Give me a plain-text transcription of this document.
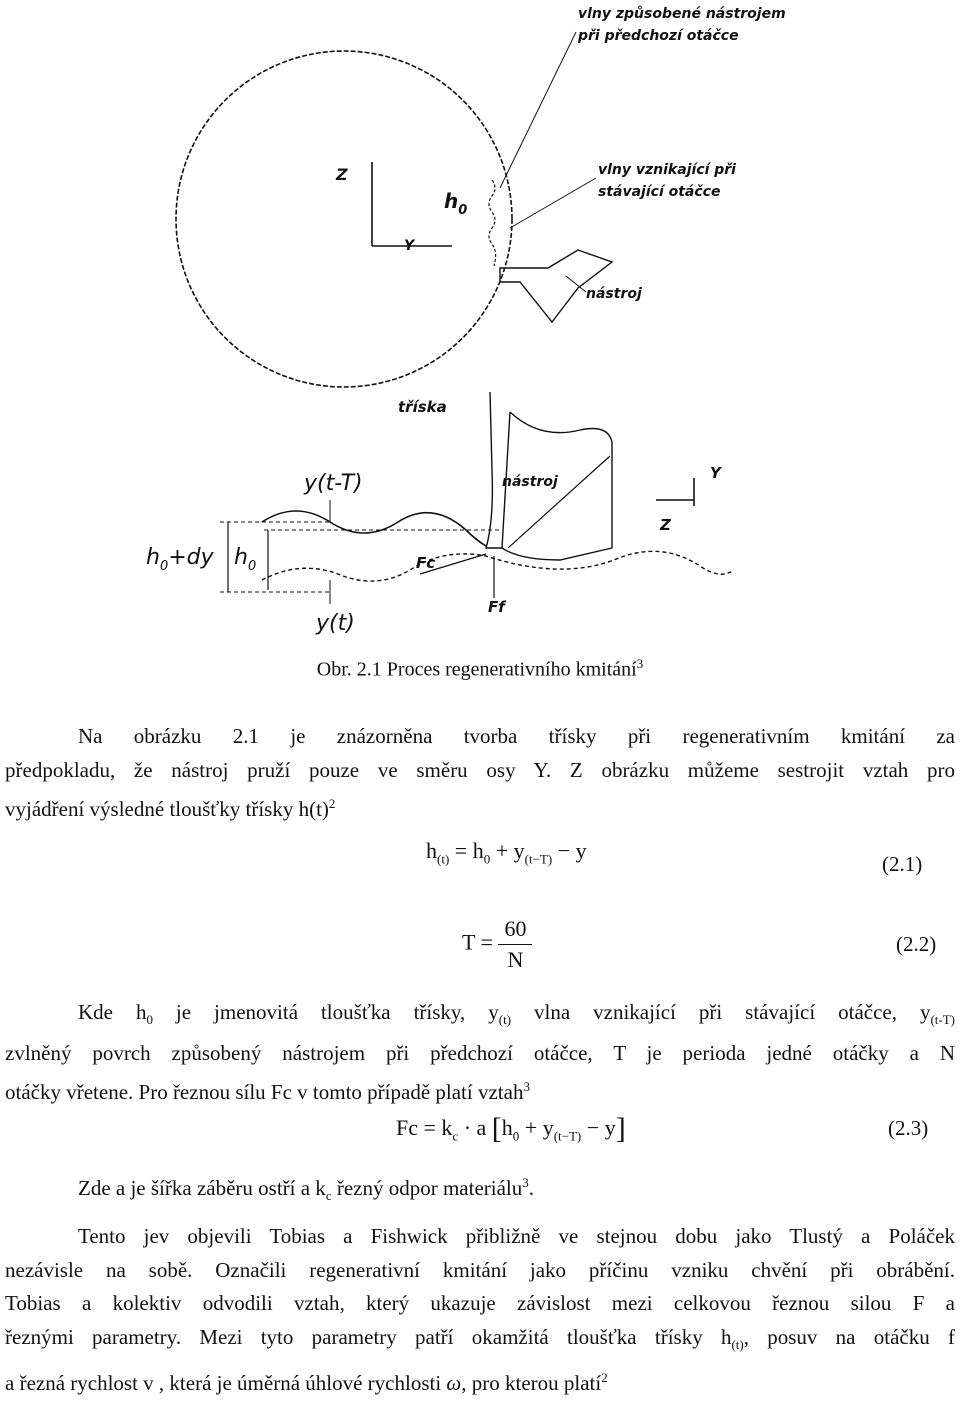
vlny způsobené nástrojem
při předchozí otáčce
vlny vznikající při
stávající otáčce
nástroj
Z
Y
$h_0$
tříska
nástroj	Y
Z
y(t-T)
y(t)
$h_0+dy$ $h_0$	Fc
Ff
Obr. 2.1 Proces regenerativního kmitání$^3$
Na obrázku 2.1 je znázorněna tvorba třísky při regenerativním kmitání za
předpokladu, že nástroj pruží pouze ve směru osy Y. Z obrázku můžeme sestrojit vztah pro
vyjádření výsledné tloušťky třísky $h(t)^2$
$h_{(t)} = h_0 + y_{(t-T)} - y$
(2.1)
$T = \frac{60}{N}$	(2.2)
Kde $h_0$ je jmenovitá tloušťka třísky, $y_{(t)}$ vlna vznikající při stávající otáčce, $y_{(t-T)}$
zvlněný povrch způsobený nástrojem při předchozí otáčce, T je perioda jedné otáčky a N
otáčky vřetene. Pro řeznou sílu Fc v tomto případě platí vztah$^3$
$Fc = k_c \cdot a$ $[h_0 + y_{(t-T)} - y]$	(2.3)
Zde a je šířka záběru ostří a $k_c$ řezný odpor materiálu$^3$.
Tento jev objevili Tobias a Fishwick přibližně ve stejnou dobu jako Tlustý a Poláček
nezávisle na sobě. Označili regenerativní kmitání jako příčinu vzniku chvění při obrábění.
Tobias a kolektiv odvodili vztah, který ukazuje závislost mezi celkovou řeznou silou F a
řeznými parametry. Mezi tyto parametry patří okamžitá tloušťka třísky $h_{(t)}$, posuv na otáčku f
a řezná rychlost v , která je úměrná úhlové rychlosti ω, pro kterou platí$^2$
